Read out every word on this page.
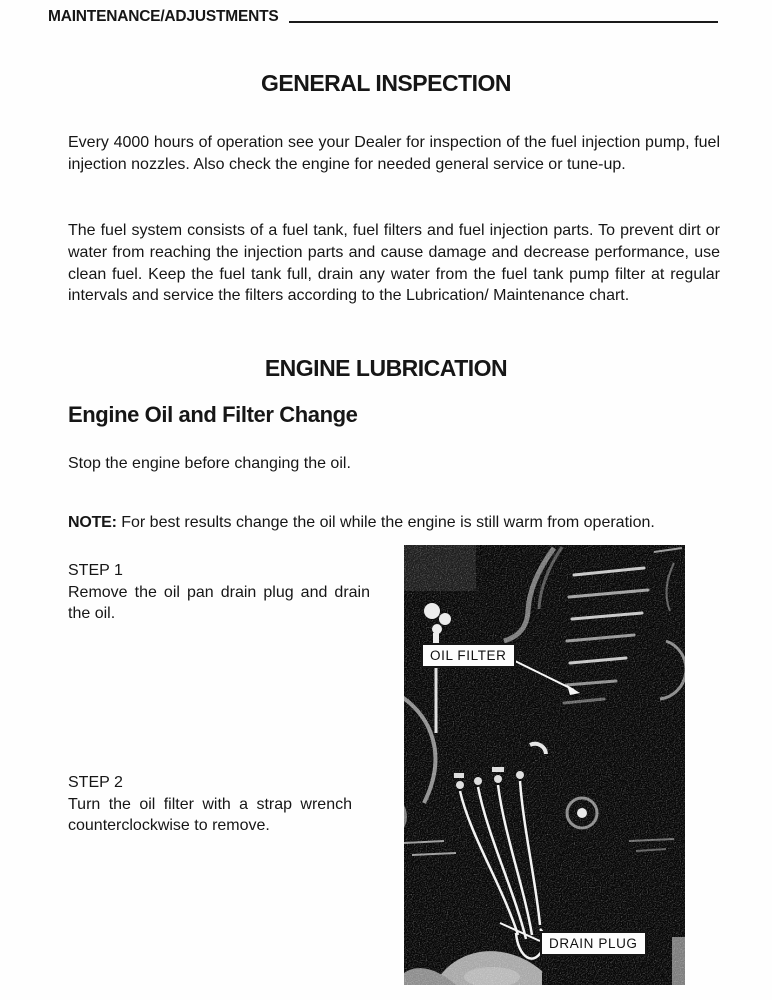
MAINTENANCE/ADJUSTMENTS
GENERAL INSPECTION

Every 4000 hours of operation see your Dealer for inspection of the fuel injection pump, fuel injection nozzles. Also check the engine for needed general service or tune-up.

The fuel system consists of a fuel tank, fuel filters and fuel injection parts. To prevent dirt or water from reaching the injection parts and cause damage and decrease performance, use clean fuel. Keep the fuel tank full, drain any water from the fuel tank pump filter at regular intervals and service the filters according to the Lubrication/ Maintenance chart.

ENGINE LUBRICATION
Engine Oil and Filter Change
Stop the engine before changing the oil.

NOTE: For best results change the oil while the engine is still warm from operation.

STEP 1
Remove the oil pan drain plug and drain the oil.
STEP 2
Turn the oil filter with a strap wrench counterclockwise to remove.
OIL FILTER
DRAIN PLUG
